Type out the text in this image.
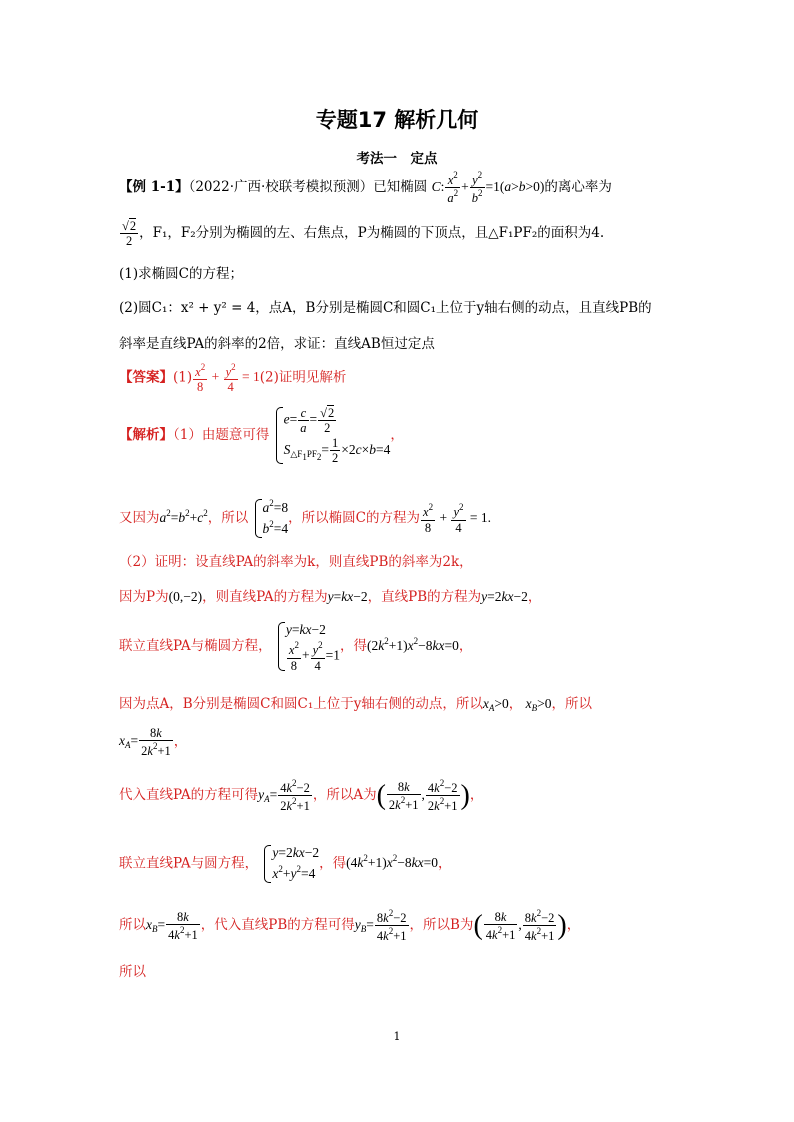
专题17 解析几何
考法一　定点
【例 1-1】（2022·广西·校联考模拟预测）已知椭圆 C: $\frac{x^2}{a^2} + \frac{y^2}{b^2} =1(a>b>0)$的离心率为
$\frac{√2}{2}$ ，F₁，F₂分别为椭圆的左、右焦点，P为椭圆的下顶点，且△F₁PF₂的面积为4.
(1)求椭圆C的方程；
(2)圆C₁：x² + y² = 4，点A，B分别是椭圆C和圆C₁上位于y轴右侧的动点，且直线PB的
斜率是直线PA的斜率的2倍，求证：直线AB恒过定点
【答案】$(1) \frac{x^2}{8} + \frac{y^2}{4} = 1(2)$证明见解析
【解析】（1）由题意可得
$e= \frac{c}{a} = \frac{√2}{2}$
$S_{\triangle F_1PF_2}= \frac{1}{2} \times 2c\times b=4$
，
又因为$a^2=b^2+c^2$，所以
$a^2=8$
$b^2=4$
，所以椭圆C的方程为 $\frac{x^2}{8} + \frac{y^2}{4} = 1$.
（2）证明：设直线PA的斜率为k，则直线PB的斜率为2k，
因为P为(0,−2)，则直线PA的方程为y=kx−2，直线PB的方程为y=2kx−2，
联立直线PA与椭圆方程，
y=kx−2
$\frac{x^2}{8} + \frac{y^2}{4} =1$
，得$(2k^2+1)x^2-8kx=0$，
因为点A，B分别是椭圆C和圆C₁上位于y轴右侧的动点，所以$x_A>0$， $x_B>0$，所以
$x_A= \frac{8k}{2k^2+1}$ ，
代入直线PA的方程可得$y_A= \frac{4k^2-2}{2k^2+1}$ ，所以A为( $\frac{8k}{2k^2+1}$ , $\frac{4k^2-2}{2k^2+1}$ )，
联立直线PA与圆方程，
y=2kx−2
$x^2+y^2=4$
，得$(4k^2+1)x^2-8kx=0$，
所以$x_B= \frac{8k}{4k^2+1}$ ，代入直线PB的方程可得$y_B= \frac{8k^2-2}{4k^2+1}$ ，所以B为( $\frac{8k}{4k^2+1}$ , $\frac{8k^2-2}{4k^2+1}$ )，
所以
1
